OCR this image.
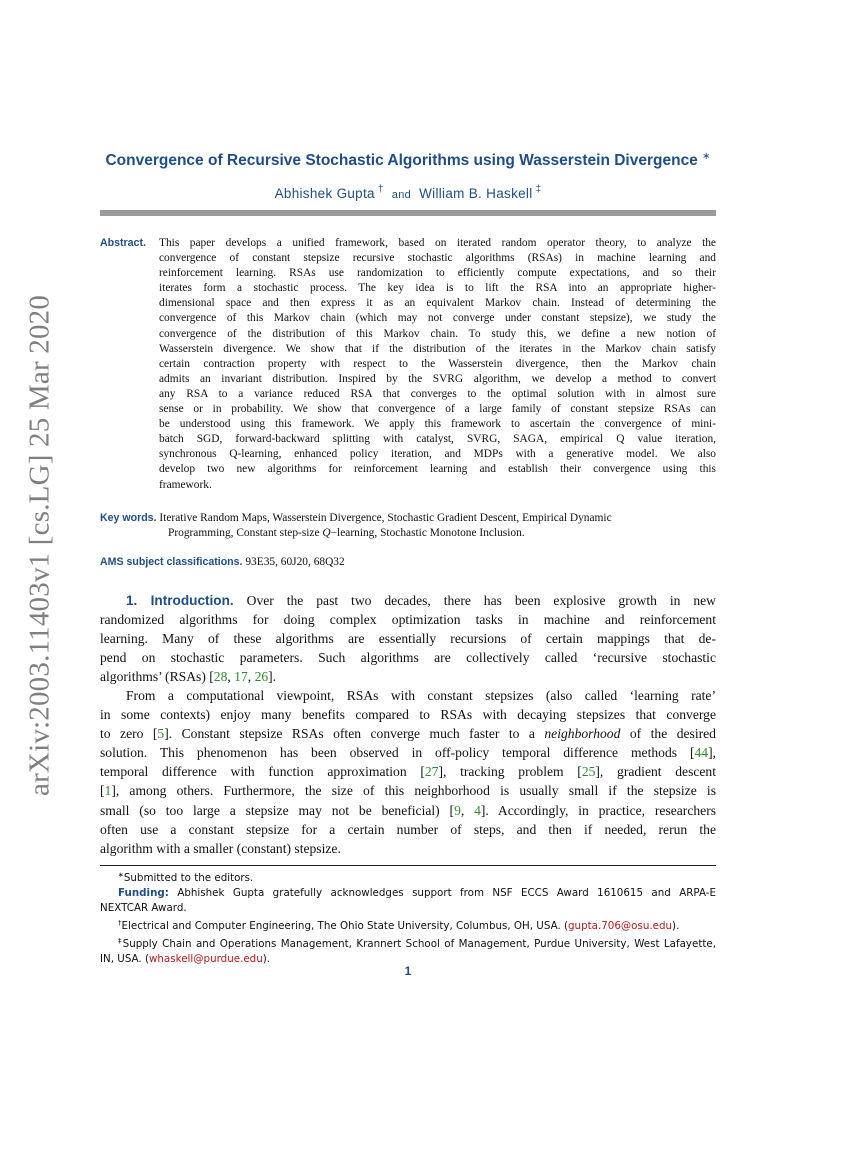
arXiv:2003.11403v1 [cs.LG] 25 Mar 2020
Convergence of Recursive Stochastic Algorithms using Wasserstein Divergence ∗
Abhishek Gupta † and William B. Haskell ‡
Abstract. This paper develops a unified framework, based on iterated random operator theory, to analyze the
convergence of constant stepsize recursive stochastic algorithms (RSAs) in machine learning and
reinforcement learning. RSAs use randomization to efficiently compute expectations, and so their
iterates form a stochastic process. The key idea is to lift the RSA into an appropriate higher-
dimensional space and then express it as an equivalent Markov chain. Instead of determining the
convergence of this Markov chain (which may not converge under constant stepsize), we study the
convergence of the distribution of this Markov chain. To study this, we define a new notion of
Wasserstein divergence. We show that if the distribution of the iterates in the Markov chain satisfy
certain contraction property with respect to the Wasserstein divergence, then the Markov chain
admits an invariant distribution. Inspired by the SVRG algorithm, we develop a method to convert
any RSA to a variance reduced RSA that converges to the optimal solution with in almost sure
sense or in probability. We show that convergence of a large family of constant stepsize RSAs can
be understood using this framework. We apply this framework to ascertain the convergence of mini-
batch SGD, forward-backward splitting with catalyst, SVRG, SAGA, empirical Q value iteration,
synchronous Q-learning, enhanced policy iteration, and MDPs with a generative model. We also
develop two new algorithms for reinforcement learning and establish their convergence using this
framework.
Key words. Iterative Random Maps, Wasserstein Divergence, Stochastic Gradient Descent, Empirical Dynamic
Programming, Constant step-size Q−learning, Stochastic Monotone Inclusion.
AMS subject classifications. 93E35, 60J20, 68Q32
1. Introduction. Over the past two decades, there has been explosive growth in new
randomized algorithms for doing complex optimization tasks in machine and reinforcement
learning. Many of these algorithms are essentially recursions of certain mappings that de-
pend on stochastic parameters. Such algorithms are collectively called ‘recursive stochastic
algorithms’ (RSAs) [28, 17, 26].
From a computational viewpoint, RSAs with constant stepsizes (also called ‘learning rate’
in some contexts) enjoy many benefits compared to RSAs with decaying stepsizes that converge
to zero [5]. Constant stepsize RSAs often converge much faster to a neighborhood of the desired
solution. This phenomenon has been observed in off-policy temporal difference methods [44],
temporal difference with function approximation [27], tracking problem [25], gradient descent
[1], among others. Furthermore, the size of this neighborhood is usually small if the stepsize is
small (so too large a stepsize may not be beneficial) [9, 4]. Accordingly, in practice, researchers
often use a constant stepsize for a certain number of steps, and then if needed, rerun the
algorithm with a smaller (constant) stepsize.
∗Submitted to the editors.
Funding: Abhishek Gupta gratefully acknowledges support from NSF ECCS Award 1610615 and ARPA-E
NEXTCAR Award.
†Electrical and Computer Engineering, The Ohio State University, Columbus, OH, USA. (gupta.706@osu.edu).
‡Supply Chain and Operations Management, Krannert School of Management, Purdue University, West Lafayette,
IN, USA. (whaskell@purdue.edu).
1
